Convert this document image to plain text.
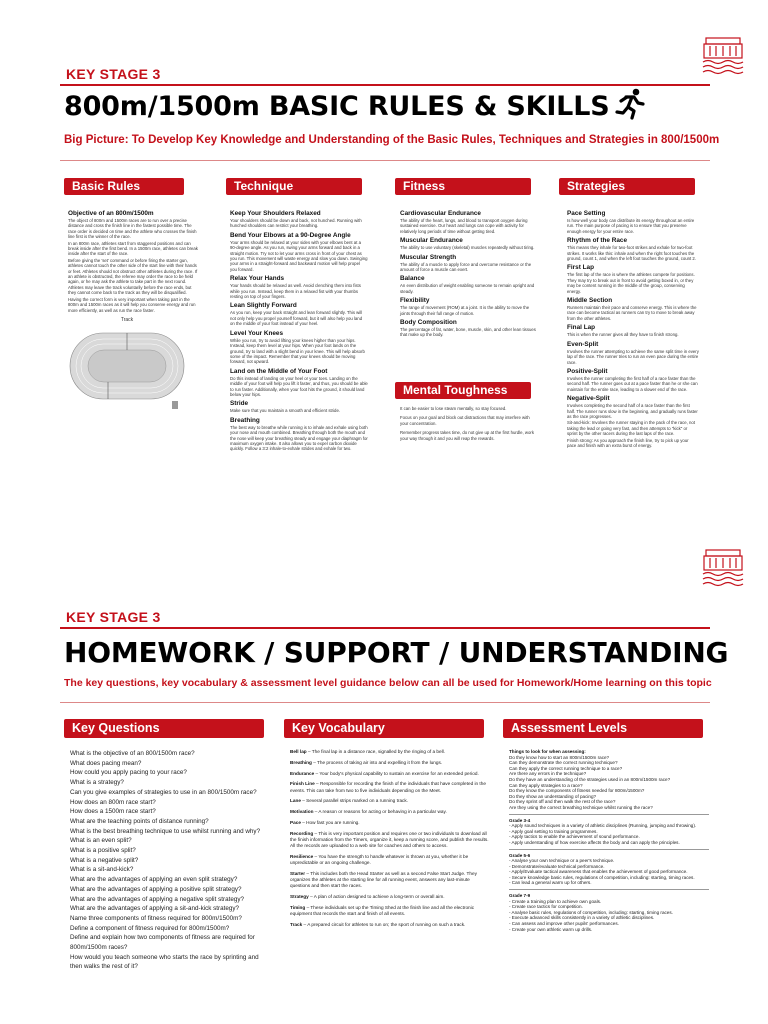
KEY STAGE 3
800m/1500m BASIC RULES & SKILLS
Big Picture: To Develop Key Knowledge and Understanding of the Basic Rules, Techniques and Strategies in 800/1500m
Basic Rules	Technique	Fitness	Strategies
Objective of an 800m/1500m
The object of 800m and 1500m races are to run over a precise distance and cross the finish line in the fastest possible time. The race order is decided on time and the athlete who crosses the finish line first is the winner of the race.
In an 800m race, athletes start from staggered positions and can break inside after the first bend. In a 1500m race, athletes can break inside after the start of the race.
Before giving the 'set' command or before firing the starter gun, athletes cannot touch the other side of the start line with their hands or feet. Athletes should not obstruct other athletes during the race. If an athlete is obstructed, the referee may order the race to be held again, or he may ask the athlete to take part in the next round. Athletes may leave the track voluntarily before the race ends, but they cannot come back to the track as they will be disqualified.
Having the correct form is very important when taking part in the 800m and 1500m races as it will help you conserve energy and run more efficiently, as well as run the race faster.
Track
Keep Your Shoulders Relaxed
Your shoulders should be down and back, not hunched. Running with hunched shoulders can restrict your breathing.
Bend Your Elbows at a 90-Degree Angle
Your arms should be relaxed at your sides with your elbows bent at a 90-degree angle. As you run, swing your arms forward and back in a straight motion. Try not to let your arms cross in front of your chest as you run. This movement will waste energy and slow you down. Swinging your arms in a straight-forward and backward motion will help propel you forward.
Relax Your Hands
Your hands should be relaxed as well. Avoid clenching them into fists while you run. Instead, keep them in a relaxed fist with your thumbs resting on top of your fingers.
Lean Slightly Forward
As you run, keep your back straight and lean forward slightly. This will not only help you propel yourself forward, but it will also help you land on the middle of your foot instead of your heel.
Level Your Knees
While you run, try to avoid lifting your knees higher than your hips. Instead, keep them level at your hips. When your foot lands on the ground, try to land with a slight bend in your knee. This will help absorb some of the impact. Remember that your knees should be moving forward, not upward.
Land on the Middle of Your Foot
Do this instead of landing on your heel or your toes. Landing on the middle of your foot will help you lift it faster, and thus, you should be able to run faster. Additionally, when your foot hits the ground, it should land below your hips.
Stride
Make sure that you maintain a smooth and efficient stride.
Breathing
The best way to breathe while running is to inhale and exhale using both your nose and mouth combined. Breathing through both the mouth and the nose will keep your breathing steady and engage your diaphragm for maximum oxygen intake. It also allows you to expel carbon dioxide quickly. Follow a 3:2 inhale-to-exhale strides and exhale for two.
Cardiovascular Endurance
The ability of the heart, lungs, and blood to transport oxygen during sustained exercise. Our heart and lungs can cope with activity for relatively long periods of time without getting tired.
Muscular Endurance
The ability to use voluntary (skeletal) muscles repeatedly without tiring.
Muscular Strength
The ability of a muscle to apply force and overcome resistance or the amount of force a muscle can exert.
Balance
An even distribution of weight enabling someone to remain upright and steady.
Flexibility
The range of movement (ROM) at a joint. It is the ability to move the joints through their full range of motion.
Body Composition
The percentage of fat, water, bone, muscle, skin, and other lean tissues that make up the body.
Mental Toughness
It can be easier to lose steam mentally, so stay focused.
Focus on your goal and block out distractions that may interfere with your concentration.
Remember progress takes time, do not give up at the first hurdle, work your way through it and you will reap the rewards.
Pace Setting
Is how well your body can distribute its energy throughout an entire run. The main purpose of pacing is to ensure that you preserve enough energy for your entire race.
Rhythm of the Race
This means they inhale for two-foot strikes and exhale for two-foot strikes. It works like this: inhale and when the right foot touches the ground, count 1, and when the left foot touches the ground, count 2.
First Lap
The first lap of the race is where the athletes compete for positions. They may try to break out in front to avoid getting boxed in, or they may be content running in the middle of the group, conserving energy.
Middle Section
Runners maintain their pace and conserve energy. This is where the race can become tactical as runners can try to move to break away from the other athletes.
Final Lap
This is when the runner gives all they have to finish strong.
Even-Split
Involves the runner attempting to achieve the same split time in every lap of the race. The runner tries to run an even pace during the entire race.
Positive-Split
Involves the runner completing the first half of a race faster than the second half. The runner goes out at a pace faster than he or she can maintain for the entire race, leading to a slower end of the race.
Negative-Split
Involves completing the second half of a race faster than the first half. The runner runs slow in the beginning, and gradually runs faster as the race progresses.
Sit-and-kick: Involves the runner staying in the pack of the race, not taking the lead or going very fast, and then attempts to "kick" or sprint by the other racers during the last laps of the race.
Finish strong: As you approach the finish line, try to pick up your pace and finish with an extra burst of energy.
KEY STAGE 3
HOMEWORK / SUPPORT / UNDERSTANDING
The key questions, key vocabulary & assessment level guidance below can all be used for Homework/Home learning on this topic
Key Questions	Key Vocabulary	Assessment Levels
What is the objective of an 800/1500m race?
What does pacing mean?
How could you apply pacing to your race?
What is a strategy?
Can you give examples of strategies to use in an 800/1500m race?
How does an 800m race start?
How does a 1500m race start?
What are the teaching points of distance running?
What is the best breathing technique to use whilst running and why?
What is an even split?
What is a positive split?
What is a negative split?
What is a sit-and-kick?
What are the advantages of applying an even split strategy?
What are the advantages of applying a positive split strategy?
What are the advantages of applying a negative split strategy?
What are the advantages of applying a sit-and-kick strategy?
Name three components of fitness required for 800m/1500m?
Define a component of fitness required for 800m/1500m?
Define and explain how two components of fitness are required for 800m/1500m races?
How would you teach someone who starts the race by sprinting and then walks the rest of it?
Bell lap – The final lap in a distance race, signalled by the ringing of a bell.
Breathing – The process of taking air into and expelling it from the lungs.
Endurance – Your body's physical capability to sustain an exercise for an extended period.
Finish Line – Responsible for recording the finish of the individuals that have completed in the events. This can take from two to five individuals depending on the Meet.
Lane – Several parallel strips marked on a running track.
Motivation – A reason or reasons for acting or behaving in a particular way.
Pace – How fast you are running.
Recording – This is very important position and requires one or two individuals to download all the finish information from the Timers, organize it, keep a running score, and publish the results. All the records are uploaded to a web site for coaches and others to access.
Resilience – You have the strength to handle whatever is thrown at you, whether it be unpredictable or an ongoing challenge.
Starter – This includes both the Head Starter as well as a second False Start Judge. They organizes the athletes at the starting line for all running event, answers any last-minute questions and then start the races.
Strategy – A plan of action designed to achieve a long-term or overall aim.
Timing – These individuals set up the Timing Shed at the finish line and all the electronic equipment that records the start and finish of all events.
Track – A prepared circuit for athletes to run on; the sport of running on such a track.
Things to look for when assessing:
Do they know how to start an 800m/1500m race?
Can they demonstrate the correct running technique?
Can they apply the correct running technique to a race?
Are there any errors in the technique?
Do they have an understanding of the strategies used in an 800m/1500m race?
Can they apply strategies to a race?
Do they know the components of fitness needed for 800m/1500m?
Do they show an understanding of pacing?
Do they sprint off and then walk the rest of the race?
Are they using the correct breathing technique whilst running the race?
Grade 3-4
- Apply sound techniques in a variety of athletic disciplines (Running, jumping and throwing).
- Apply goal setting to training programmes.
- Apply tactics to enable the achievement of sound performance.
- Apply understanding of how exercise affects the body and can apply the principles.
Grade 5-6
- Analyse your own technique or a peer's technique.
- Demonstrate/evaluate technical performance.
- Apply/Evaluate tactical awareness that enables the achievement of good performance.
- Secure knowledge basic rules, regulations of competition, including: starting, timing races.
- Can lead a general warm up for others.
Grade 7-9
- Create a training plan to achieve own goals.
- Create race tactics for competition.
- Analyse basic rules, regulations of competition, including: starting, timing races.
- Execute advanced skills consistently in a variety of athletic disciplines.
- Can assess and improve other pupils' performances.
- Create your own athletic warm up drills.
